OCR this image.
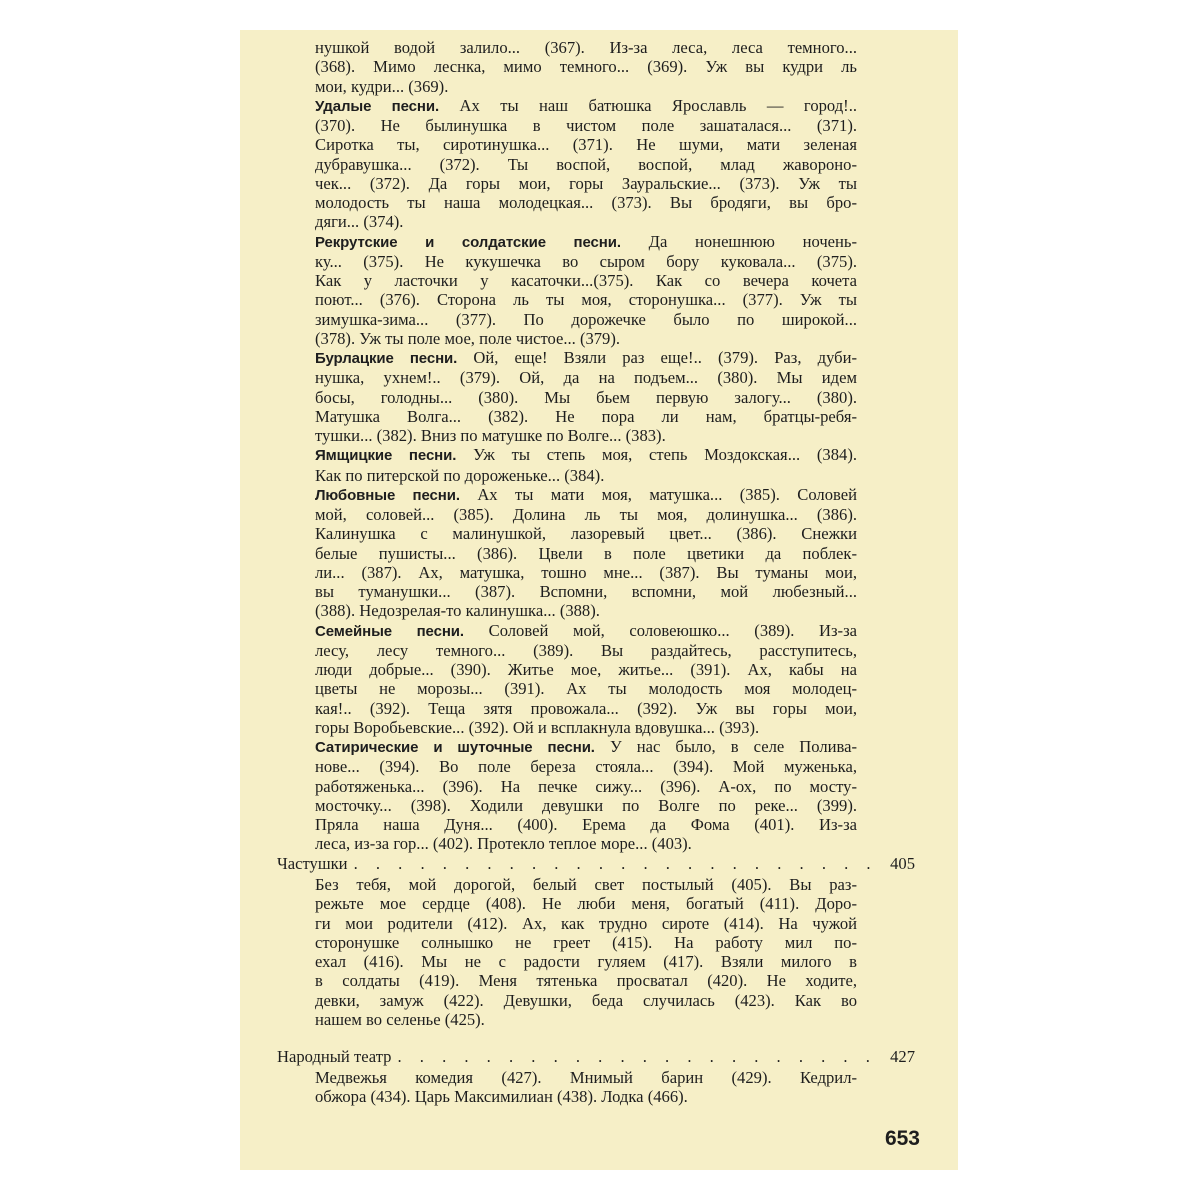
нушкой водой залило... (367). Из-за леса, леса темного...
(368). Мимо леснка, мимо темного... (369). Уж вы кудри ль
мои, кудри... (369).
Удалые песни. Ах ты наш батюшка Ярославль — город!..
(370). Не былинушка в чистом поле зашаталася... (371).
Сиротка ты, сиротинушка... (371). Не шуми, мати зеленая
дубравушка... (372). Ты воспой, воспой, млад жавороно-
чек... (372). Да горы мои, горы Зауральские... (373). Уж ты
молодость ты наша молодецкая... (373). Вы бродяги, вы бро-
дяги... (374).
Рекрутские и солдатские песни. Да нонешнюю ночень-
ку... (375). Не кукушечка во сыром бору куковала... (375).
Как у ласточки у касаточки...(375). Как со вечера кочета
поют... (376). Сторона ль ты моя, сторонушка... (377). Уж ты
зимушка-зима... (377). По дорожечке было по широкой...
(378). Уж ты поле мое, поле чистое... (379).
Бурлацкие песни. Ой, еще! Взяли раз еще!.. (379). Раз, дуби-
нушка, ухнем!.. (379). Ой, да на подъем... (380). Мы идем
босы, голодны... (380). Мы бьем первую залогу... (380).
Матушка Волга... (382). Не пора ли нам, братцы-ребя-
тушки... (382). Вниз по матушке по Волге... (383).
Ямщицкие песни. Уж ты степь моя, степь Моздокская... (384).
Как по питерской по дороженьке... (384).
Любовные песни. Ах ты мати моя, матушка... (385). Соловей
мой, соловей... (385). Долина ль ты моя, долинушка... (386).
Калинушка с малинушкой, лазоревый цвет... (386). Снежки
белые пушисты... (386). Цвели в поле цветики да поблек-
ли... (387). Ах, матушка, тошно мне... (387). Вы туманы мои,
вы туманушки... (387). Вспомни, вспомни, мой любезный...
(388). Недозрелая-то калинушка... (388).
Семейные песни. Соловей мой, соловеюшко... (389). Из-за
лесу, лесу темного... (389). Вы раздайтесь, расступитесь,
люди добрые... (390). Житье мое, житье... (391). Ах, кабы на
цветы не морозы... (391). Ах ты молодость моя молодец-
кая!.. (392). Теща зятя провожала... (392). Уж вы горы мои,
горы Воробьевские... (392). Ой и всплакнула вдовушка... (393).
Сатирические и шуточные песни. У нас было, в селе Полива-
нове... (394). Во поле береза стояла... (394). Мой муженька,
работяженька... (396). На печке сижу... (396). А-ох, по мосту-
мосточку... (398). Ходили девушки по Волге по реке... (399).
Пряла наша Дуня... (400). Ерема да Фома (401). Из-за
леса, из-за гор... (402). Протекло теплое море... (403).
Частушки . . .	405
Без тебя, мой дорогой, белый свет постылый (405). Вы раз-
режьте мое сердце (408). Не люби меня, богатый (411). Доро-
ги мои родители (412). Ах, как трудно сироте (414). На чужой
сторонушке солнышко не греет (415). На работу мил по-
ехал (416). Мы не с радости гуляем (417). Взяли милого в
в солдаты (419). Меня тятенька просватал (420). Не ходите,
девки, замуж (422). Девушки, беда случилась (423). Как во
нашем во селенье (425).
Народный театр . . .	427
Медвежья комедия (427). Мнимый барин (429). Кедрил-
обжора (434). Царь Максимилиан (438). Лодка (466).
653
